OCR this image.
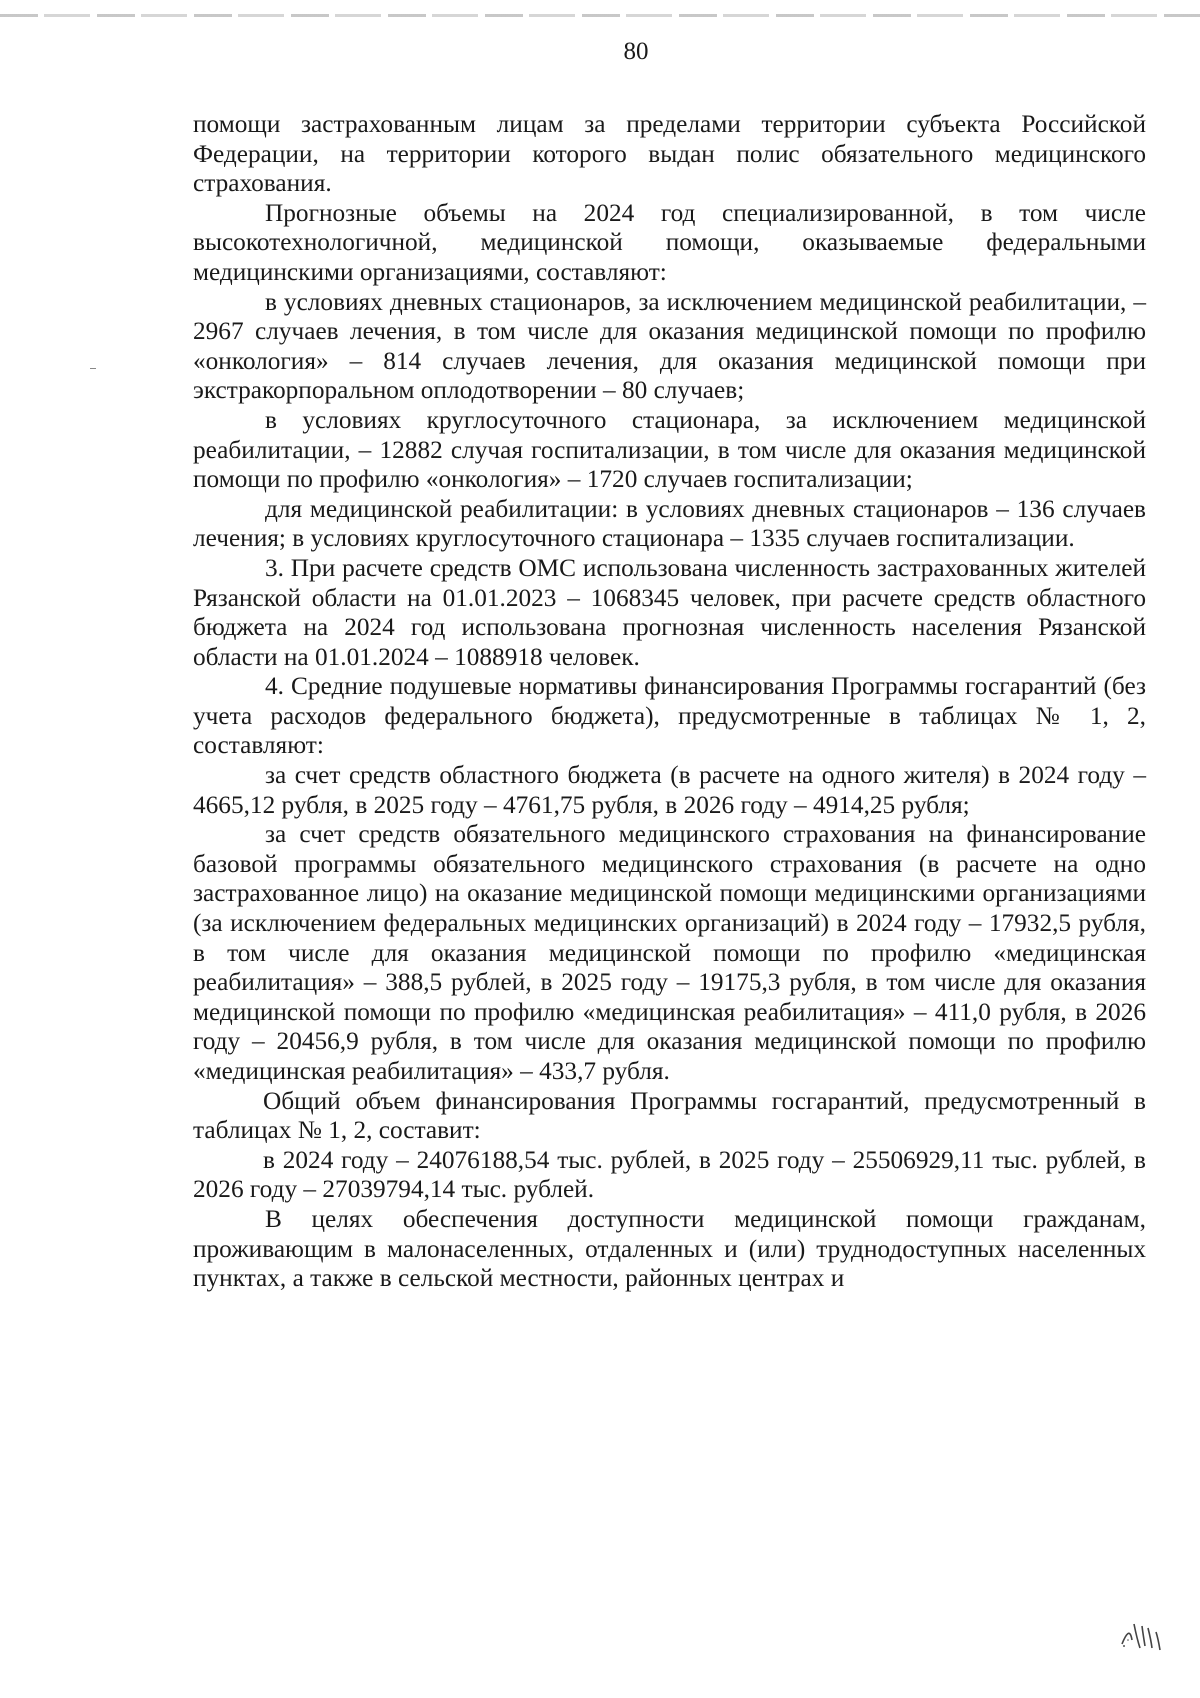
80

помощи застрахованным лицам за пределами территории субъекта Российской Федерации, на территории которого выдан полис обязательного медицинского страхования.

Прогнозные объемы на 2024 год специализированной, в том числе высокотехнологичной, медицинской помощи, оказываемые федеральными медицинскими организациями, составляют:

в условиях дневных стационаров, за исключением медицинской реабилитации, – 2967 случаев лечения, в том числе для оказания медицинской помощи по профилю «онкология» – 814 случаев лечения, для оказания медицинской помощи при экстракорпоральном оплодотворении – 80 случаев;

в условиях круглосуточного стационара, за исключением медицинской реабилитации, – 12882 случая госпитализации, в том числе для оказания медицинской помощи по профилю «онкология» – 1720 случаев госпитализации;

для медицинской реабилитации: в условиях дневных стационаров – 136 случаев лечения; в условиях круглосуточного стационара – 1335 случаев госпитализации.

3. При расчете средств ОМС использована численность застрахованных жителей Рязанской области на 01.01.2023 – 1068345 человек, при расчете средств областного бюджета на 2024 год использована прогнозная численность населения Рязанской области на 01.01.2024 – 1088918 человек.

4. Средние подушевые нормативы финансирования Программы госгарантий (без учета расходов федерального бюджета), предусмотренные в таблицах № 1, 2, составляют:

за счет средств областного бюджета (в расчете на одного жителя) в 2024 году – 4665,12 рубля, в 2025 году – 4761,75 рубля, в 2026 году – 4914,25 рубля;

за счет средств обязательного медицинского страхования на финансирование базовой программы обязательного медицинского страхования (в расчете на одно застрахованное лицо) на оказание медицинской помощи медицинскими организациями (за исключением федеральных медицинских организаций) в 2024 году – 17932,5 рубля, в том числе для оказания медицинской помощи по профилю «медицинская реабилитация» – 388,5 рублей, в 2025 году – 19175,3 рубля, в том числе для оказания медицинской помощи по профилю «медицинская реабилитация» – 411,0 рубля, в 2026 году – 20456,9 рубля, в том числе для оказания медицинской помощи по профилю «медицинская реабилитация» – 433,7 рубля.

Общий объем финансирования Программы госгарантий, предусмотренный в таблицах № 1, 2, составит:

в 2024 году – 24076188,54 тыс. рублей, в 2025 году – 25506929,11 тыс. рублей, в 2026 году – 27039794,14 тыс. рублей.

В целях обеспечения доступности медицинской помощи гражданам, проживающим в малонаселенных, отдаленных и (или) труднодоступных населенных пунктах, а также в сельской местности, районных центрах и
